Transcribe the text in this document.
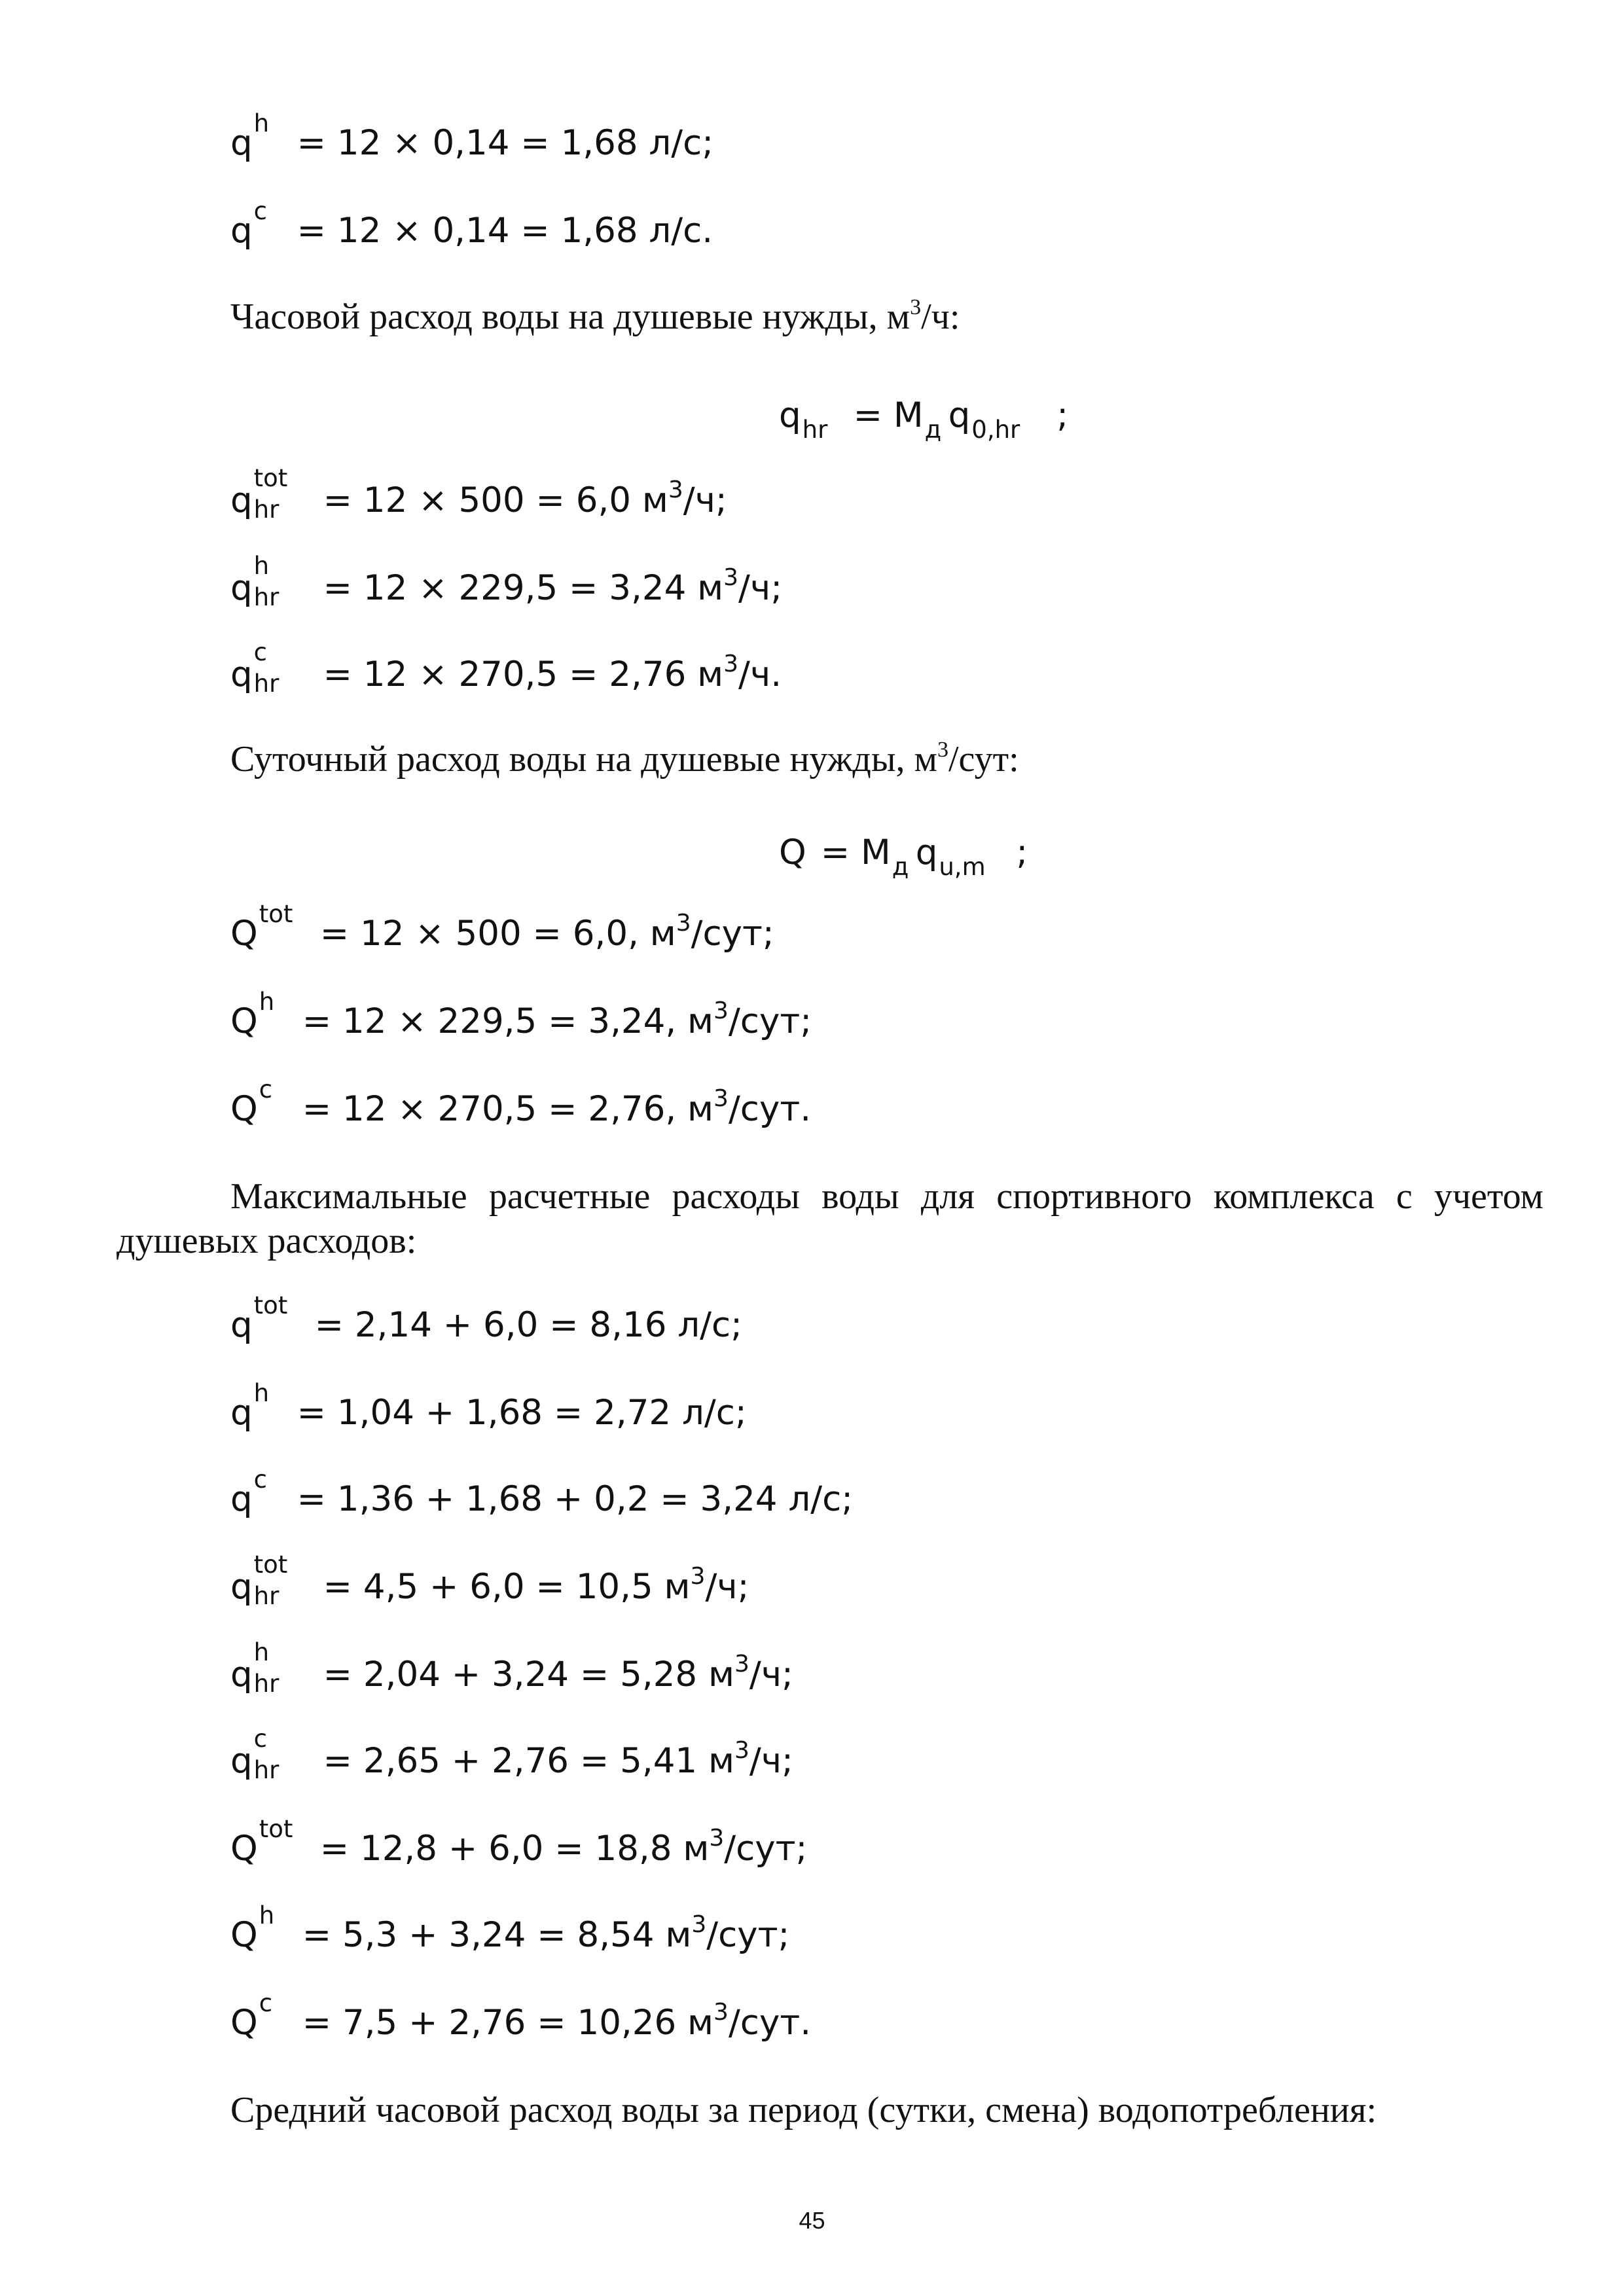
q h = 12 × 0,14 = 1,68 л/с;
q c = 12 × 0,14 = 1,68 л/с.
Часовой расход воды на душевые нужды, $м^3/ч$:
q hr = M д q 0,hr ;
q
tot
hr = 12 × 500 = 6,0 $м^3/ч$;
q
h
hr = 12 × 229,5 = 3,24 $м^3/ч$;
q
c
hr = 12 × 270,5 = 2,76 $м^3/ч$.
Суточный расход воды на душевые нужды, $м^3$/сут:
Q = M д q u,m ;
Q tot = 12 × 500 = 6,0, $м^3$/сут;
Q h = 12 × 229,5 = 3,24, $м^3$/сут;
Q c = 12 × 270,5 = 2,76, $м^3$/сут.
Максимальные расчетные расходы воды для спортивного комплекса с учетом
душевых расходов:
q tot = 2,14 + 6,0 = 8,16 л/с;
q h = 1,04 + 1,68 = 2,72 л/с;
q c = 1,36 + 1,68 + 0,2 = 3,24 л/с;
q
tot
hr = 4,5 + 6,0 = 10,5 $м^3/ч$;
q
h
hr = 2,04 + 3,24 = 5,28 $м^3/ч$;
q
c
hr = 2,65 + 2,76 = 5,41 $м^3/ч$;
Q tot = 12,8 + 6,0 = 18,8 $м^3$/сут;
Q h = 5,3 + 3,24 = 8,54 $м^3$/сут;
Q c = 7,5 + 2,76 = 10,26 $м^3$/сут.
Средний часовой расход воды за период (сутки, смена) водопотребления:
45
